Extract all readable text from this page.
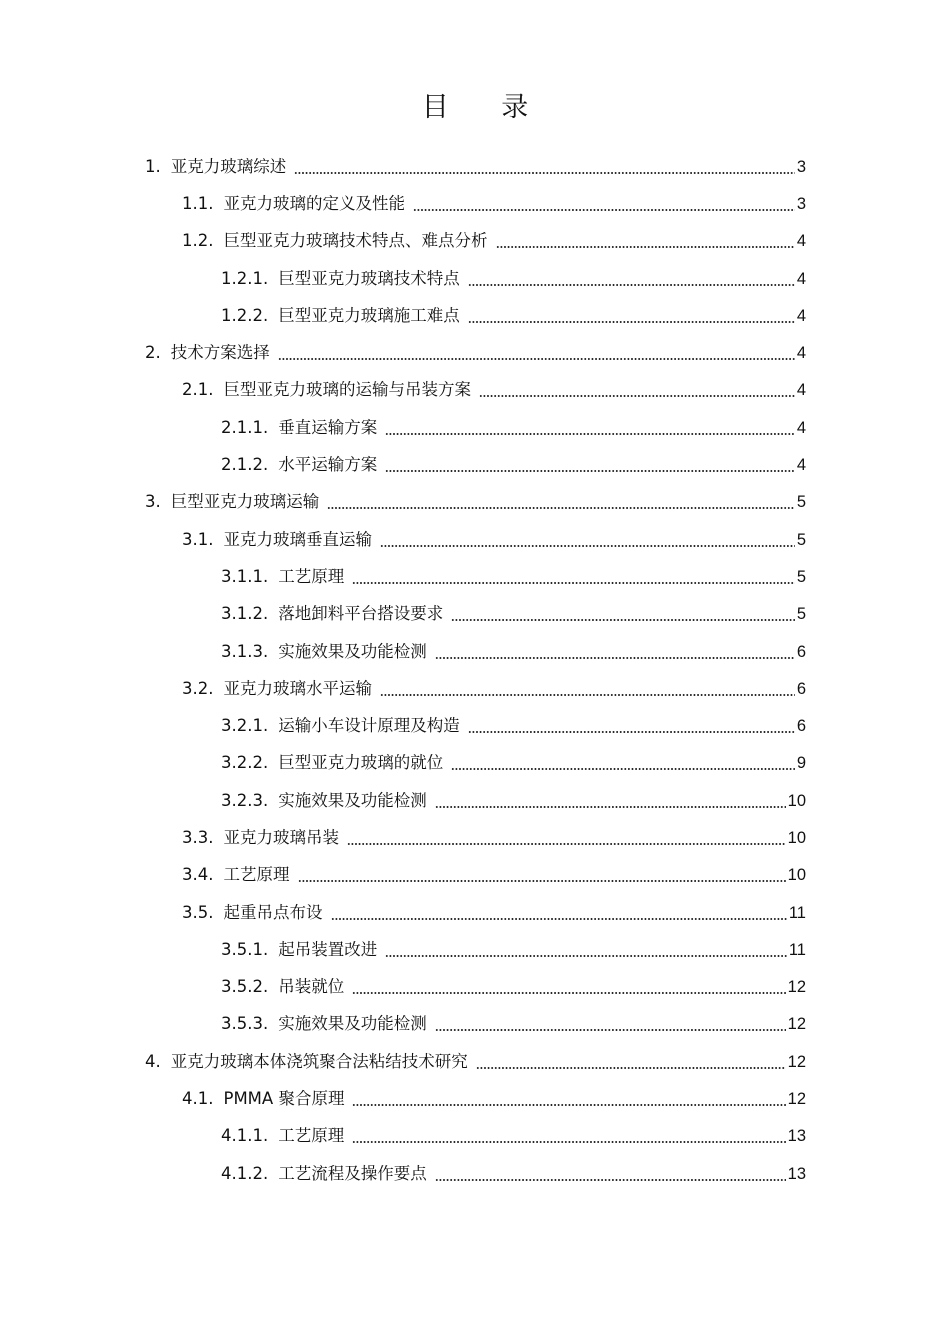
目 录
1. 亚克力玻璃综述	3
1.1. 亚克力玻璃的定义及性能	3
1.2. 巨型亚克力玻璃技术特点、难点分析	4
1.2.1. 巨型亚克力玻璃技术特点	4
1.2.2. 巨型亚克力玻璃施工难点	4
2. 技术方案选择	4
2.1. 巨型亚克力玻璃的运输与吊装方案	4
2.1.1. 垂直运输方案	4
2.1.2. 水平运输方案	4
3. 巨型亚克力玻璃运输	5
3.1. 亚克力玻璃垂直运输	5
3.1.1. 工艺原理	5
3.1.2. 落地卸料平台搭设要求	5
3.1.3. 实施效果及功能检测	6
3.2. 亚克力玻璃水平运输	6
3.2.1. 运输小车设计原理及构造	6
3.2.2. 巨型亚克力玻璃的就位	9
3.2.3. 实施效果及功能检测	10
3.3. 亚克力玻璃吊装	10
3.4. 工艺原理	10
3.5. 起重吊点布设	11
3.5.1. 起吊装置改进	11
3.5.2. 吊装就位	12
3.5.3. 实施效果及功能检测	12
4. 亚克力玻璃本体浇筑聚合法粘结技术研究	12
4.1. PMMA 聚合原理	12
4.1.1. 工艺原理	13
4.1.2. 工艺流程及操作要点	13
